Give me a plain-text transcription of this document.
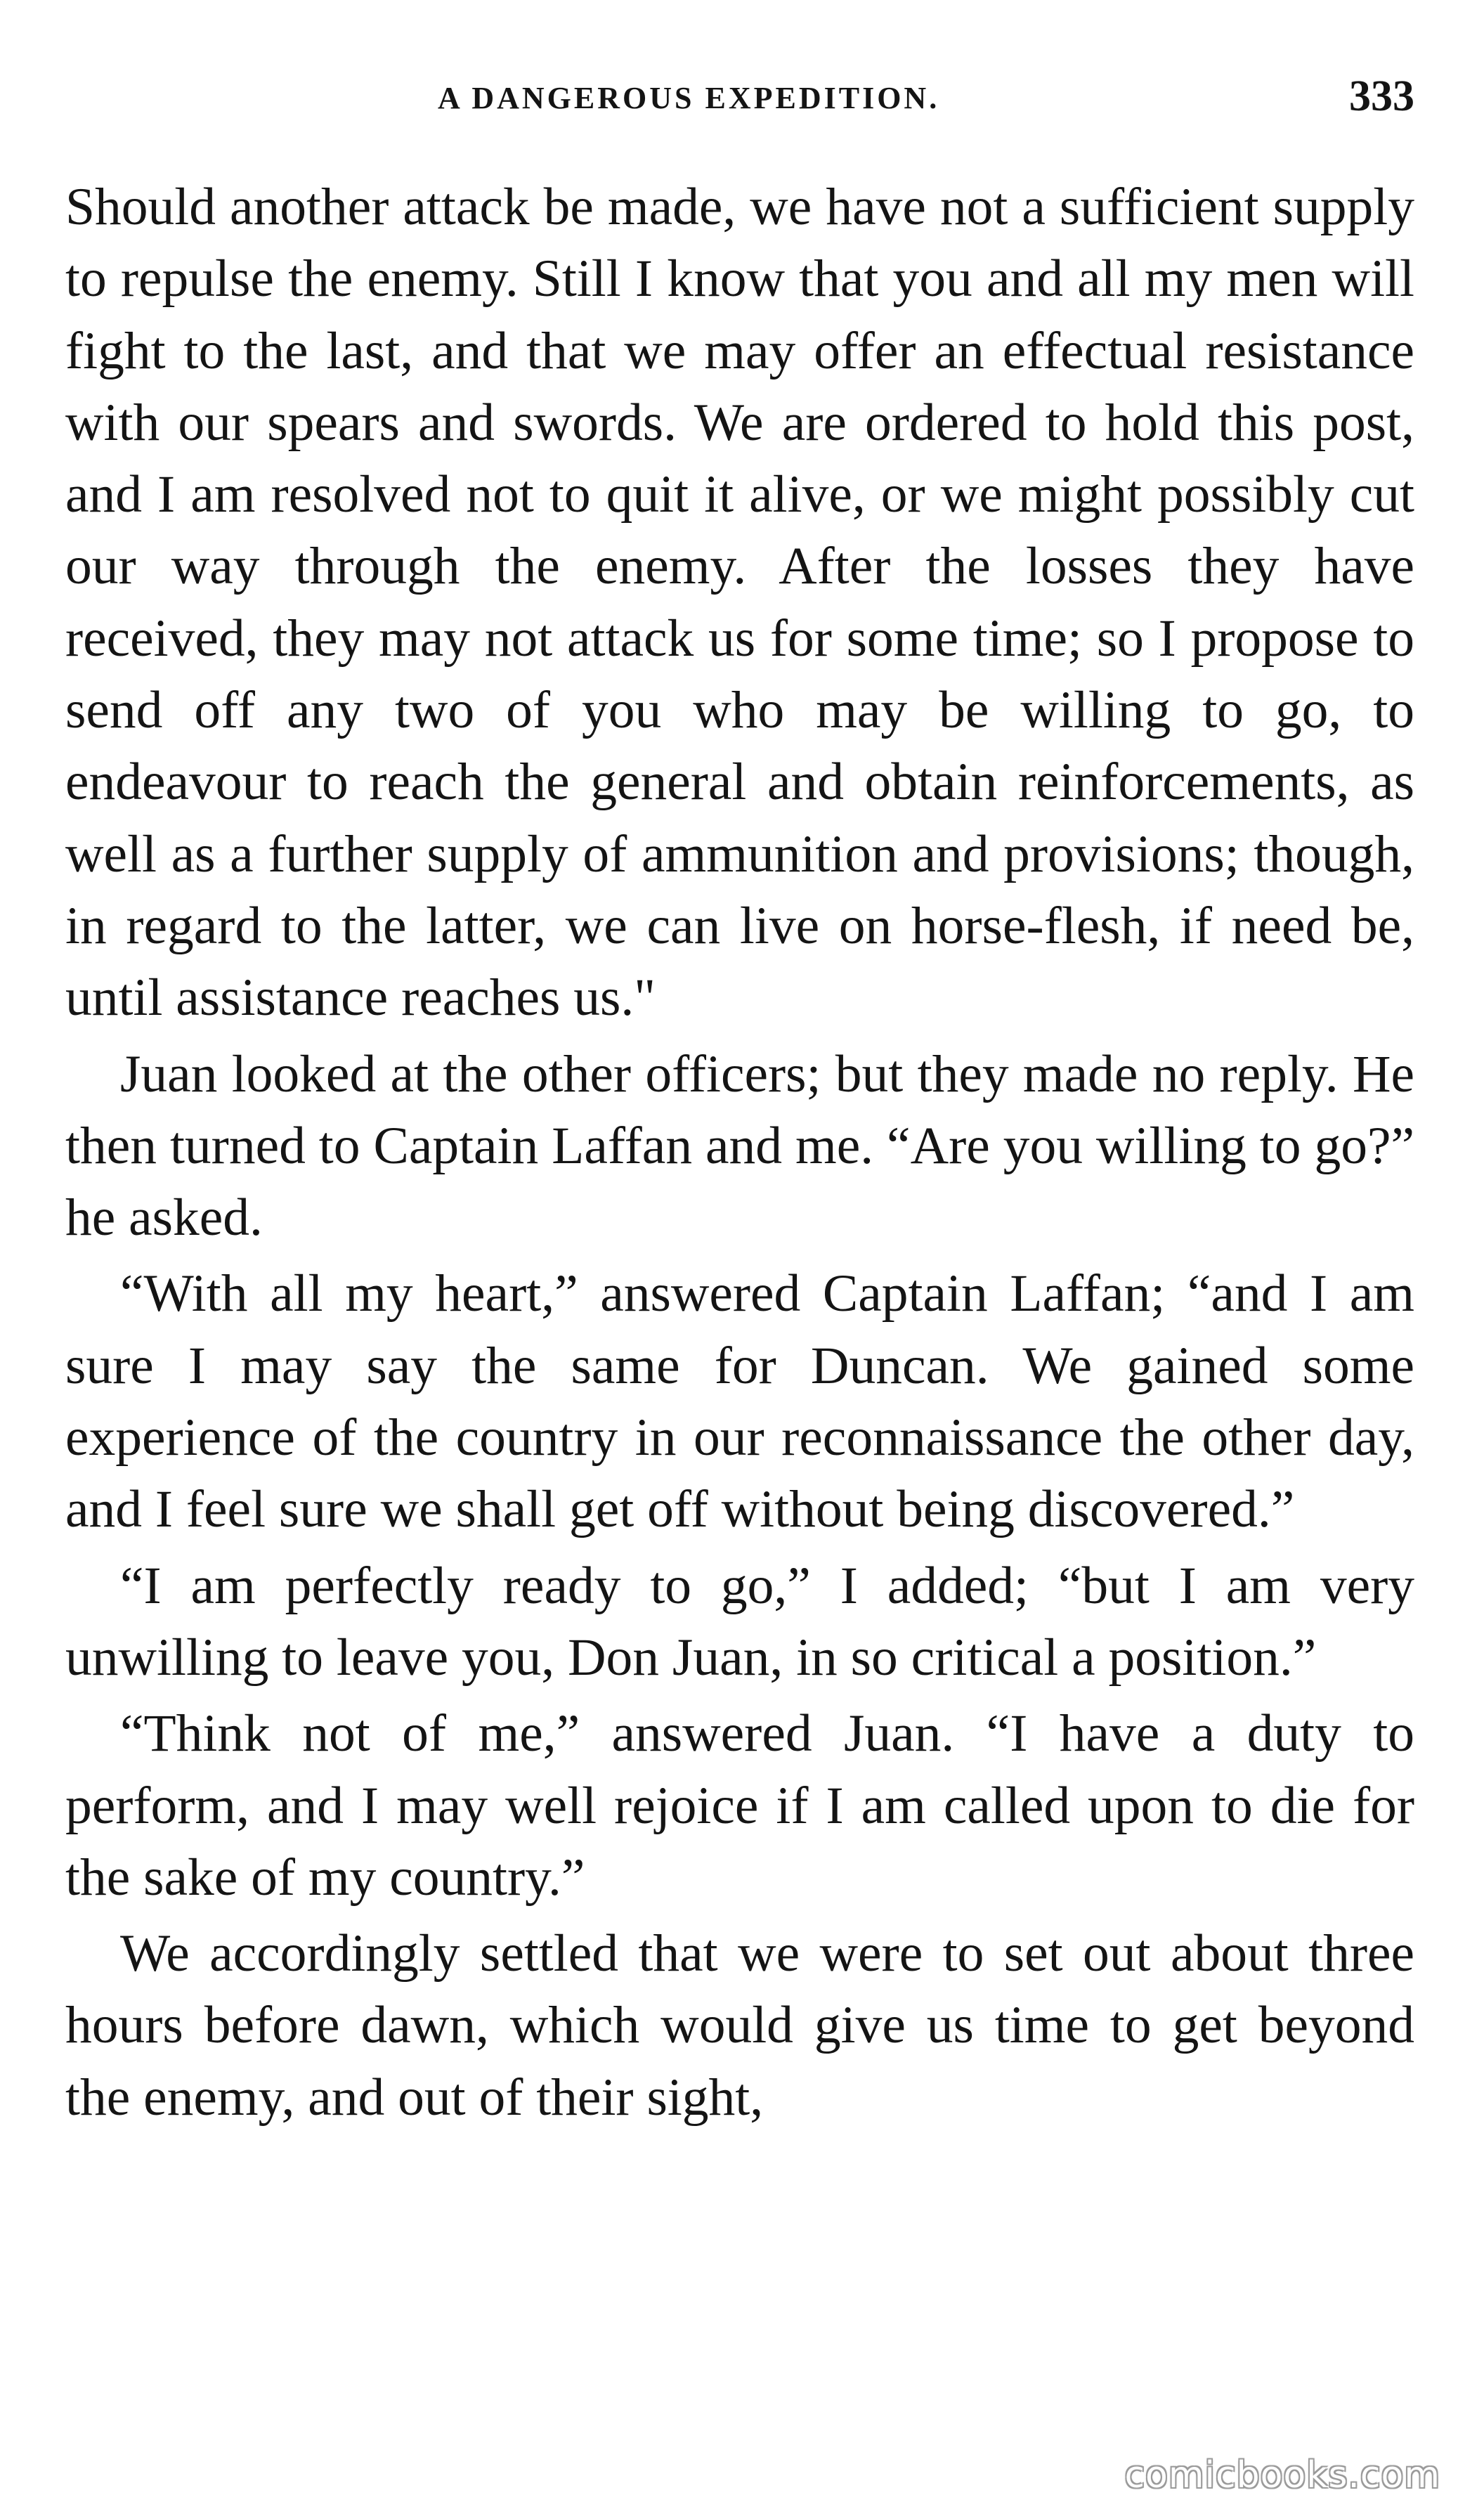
A DANGEROUS EXPEDITION.	333

Should another attack be made, we have not a sufficient supply to repulse the enemy. Still I know that you and all my men will fight to the last, and that we may offer an effectual resistance with our spears and swords. We are ordered to hold this post, and I am resolved not to quit it alive, or we might possibly cut our way through the enemy. After the losses they have received, they may not attack us for some time; so I propose to send off any two of you who may be willing to go, to endeavour to reach the general and obtain reinforcements, as well as a further supply of ammunition and provisions; though, in regard to the latter, we can live on horse-flesh, if need be, until assistance reaches us."

Juan looked at the other officers; but they made no reply. He then turned to Captain Laffan and me. “Are you willing to go?” he asked.

“With all my heart,” answered Captain Laffan; “and I am sure I may say the same for Duncan. We gained some experience of the country in our reconnaissance the other day, and I feel sure we shall get off without being discovered.”

“I am perfectly ready to go,” I added; “but I am very unwilling to leave you, Don Juan, in so critical a position.”

“Think not of me,” answered Juan. “I have a duty to perform, and I may well rejoice if I am called upon to die for the sake of my country.”

We accordingly settled that we were to set out about three hours before dawn, which would give us time to get beyond the enemy, and out of their sight,

comicbooks.com
